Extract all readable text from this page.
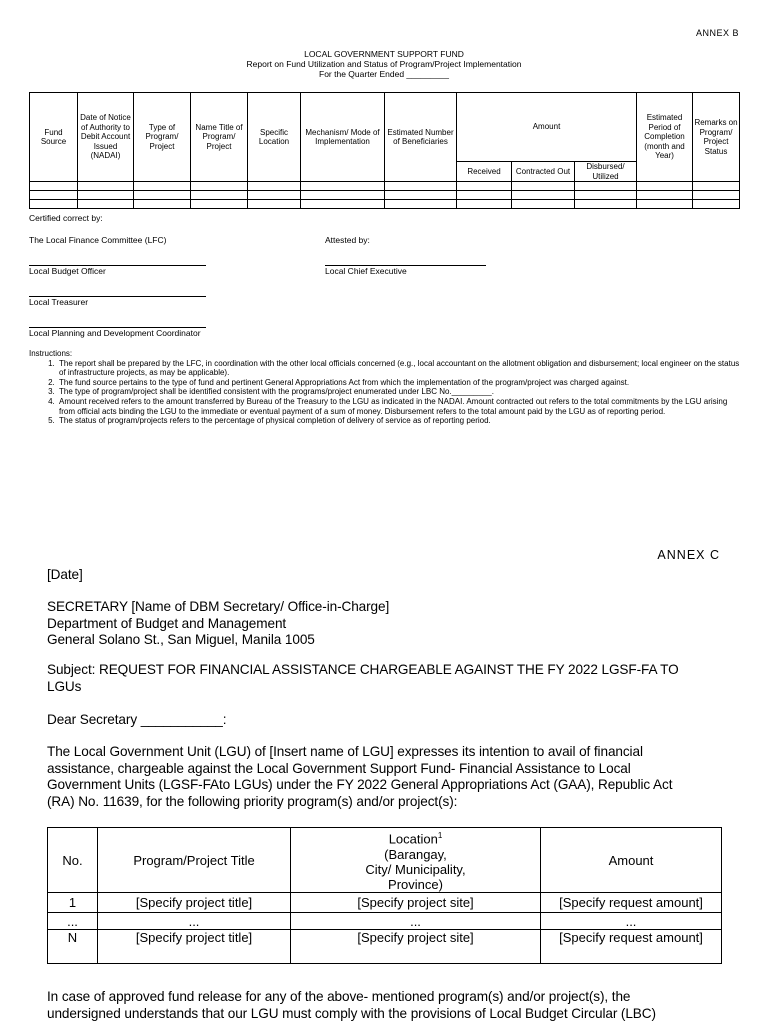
ANNEX B
LOCAL GOVERNMENT SUPPORT FUND
Report on Fund Utilization and Status of Program/Project Implementation
For the Quarter Ended _________
Fund Source	Date of Notice of Authority to Debit Account Issued (NADAI)	Type of Program/ Project	Name Title of Program/ Project	Specific Location	Mechanism/ Mode of Implementation	Estimated Number of Beneficiaries	Amount			Estimated Period of Completion (month and Year)	Remarks on Program/ Project Status
							Received	Contracted Out	Disbursed/ Utilized		

Certified correct by:
The Local Finance Committee (LFC)	Attested by:
Local Budget Officer	Local Chief Executive
Local Treasurer
Local Planning and Development Coordinator
Instructions:
1. The report shall be prepared by the LFC, in coordination with the other local officials concerned (e.g., local accountant on the allotment obligation and disbursement; local engineer on the status of infrastructure projects, as may be applicable).
2. The fund source pertains to the type of fund and pertinent General Appropriations Act from which the implementation of the program/project was charged against.
3. The type of program/project shall be identified consistent with the programs/project enumerated under LBC No._________.
4. Amount received refers to the amount transferred by Bureau of the Treasury to the LGU as indicated in the NADAI. Amount contracted out refers to the total commitments by the LGU arising from official acts binding the LGU to the immediate or eventual payment of a sum of money. Disbursement refers to the total amount paid by the LGU as of reporting period.
5. The status of program/projects refers to the percentage of physical completion of delivery of service as of reporting period.
ANNEX C
[Date]
SECRETARY [Name of DBM Secretary/ Office-in-Charge]
Department of Budget and Management
General Solano St., San Miguel, Manila 1005
Subject: REQUEST FOR FINANCIAL ASSISTANCE CHARGEABLE AGAINST THE FY 2022 LGSF-FA TO
LGUs
Dear Secretary ___________:
The Local Government Unit (LGU) of [Insert name of LGU] expresses its intention to avail of financial
assistance, chargeable against the Local Government Support Fund- Financial Assistance to Local
Government Units (LGSF-FAto LGUs) under the FY 2022 General Appropriations Act (GAA), Republic Act
(RA) No. 11639, for the following priority program(s) and/or project(s):
No.	Program/Project Title	Location$^1$
(Barangay,
City/ Municipality,
Province)	Amount
1	[Specify project title]	[Specify project site]	[Specify request amount]
...	...	...	...
N	[Specify project title]	[Specify project site]	[Specify request amount]
In case of approved fund release for any of the above- mentioned program(s) and/or project(s), the
undersigned understands that our LGU must comply with the provisions of Local Budget Circular (LBC)
